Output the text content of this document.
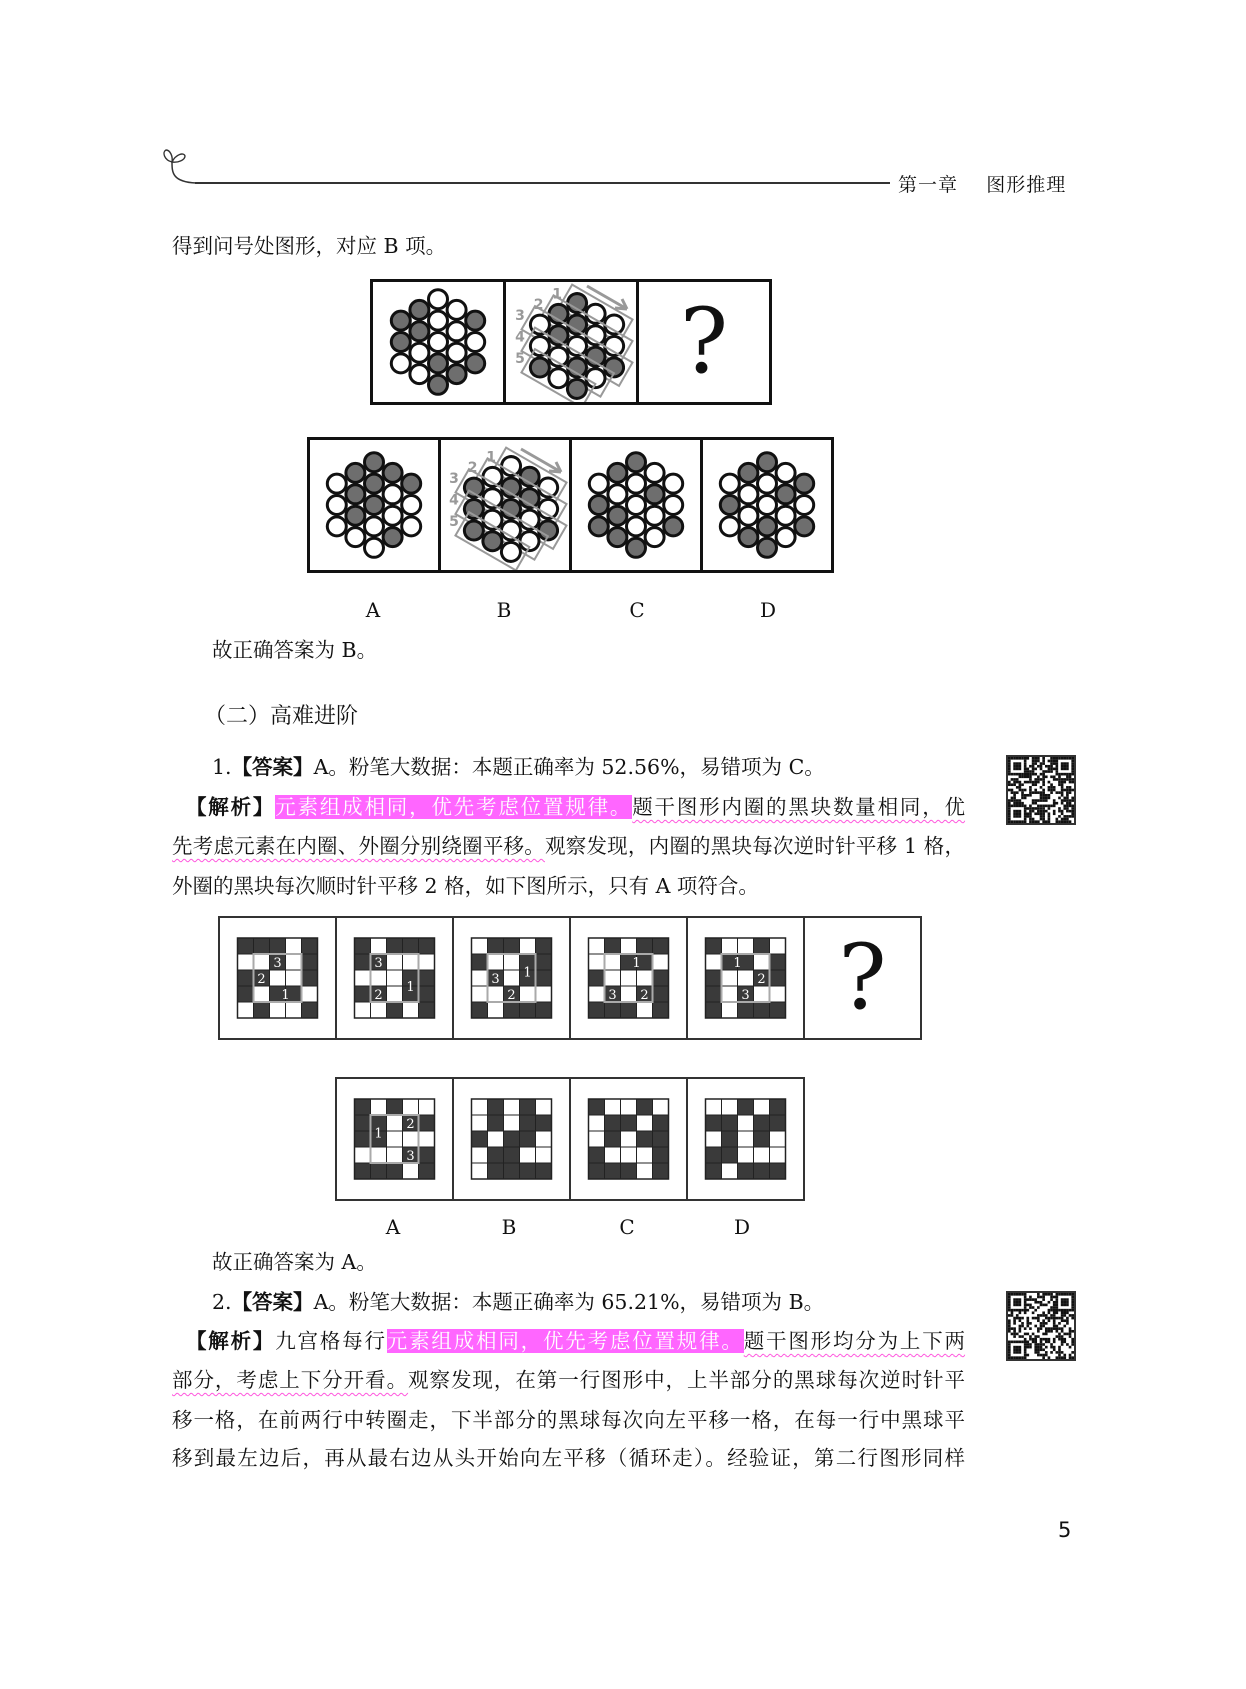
第一章 图形推理
得到问号处图形，对应 B 项。
1
2
3
4
5 ?
1
2
3
4
5
A	B	C	D
故正确答案为 B。
（二）高难进阶
1.【答案】A。粉笔大数据：本题正确率为 52.56%，易错项为 C。
【解析】元素组成相同，优先考虑位置规律。题干图形内圈的黑块数量相同，优
先考虑元素在内圈、外圈分别绕圈平移。观察发现，内圈的黑块每次逆时针平移 1 格，
外圈的黑块每次顺时针平移 2 格，如下图所示，只有 A 项符合。
3
2
1
3
1
2
1
3
2
1
3 2
1
2
3 ?
1
2
3
A	B	C	D
故正确答案为 A。
2.【答案】A。粉笔大数据：本题正确率为 65.21%，易错项为 B。
【解析】九宫格每行元素组成相同，优先考虑位置规律。题干图形均分为上下两
部分，考虑上下分开看。观察发现，在第一行图形中，上半部分的黑球每次逆时针平
移一格，在前两行中转圈走，下半部分的黑球每次向左平移一格，在每一行中黑球平
移到最左边后，再从最右边从头开始向左平移（循环走）。经验证，第二行图形同样
5
